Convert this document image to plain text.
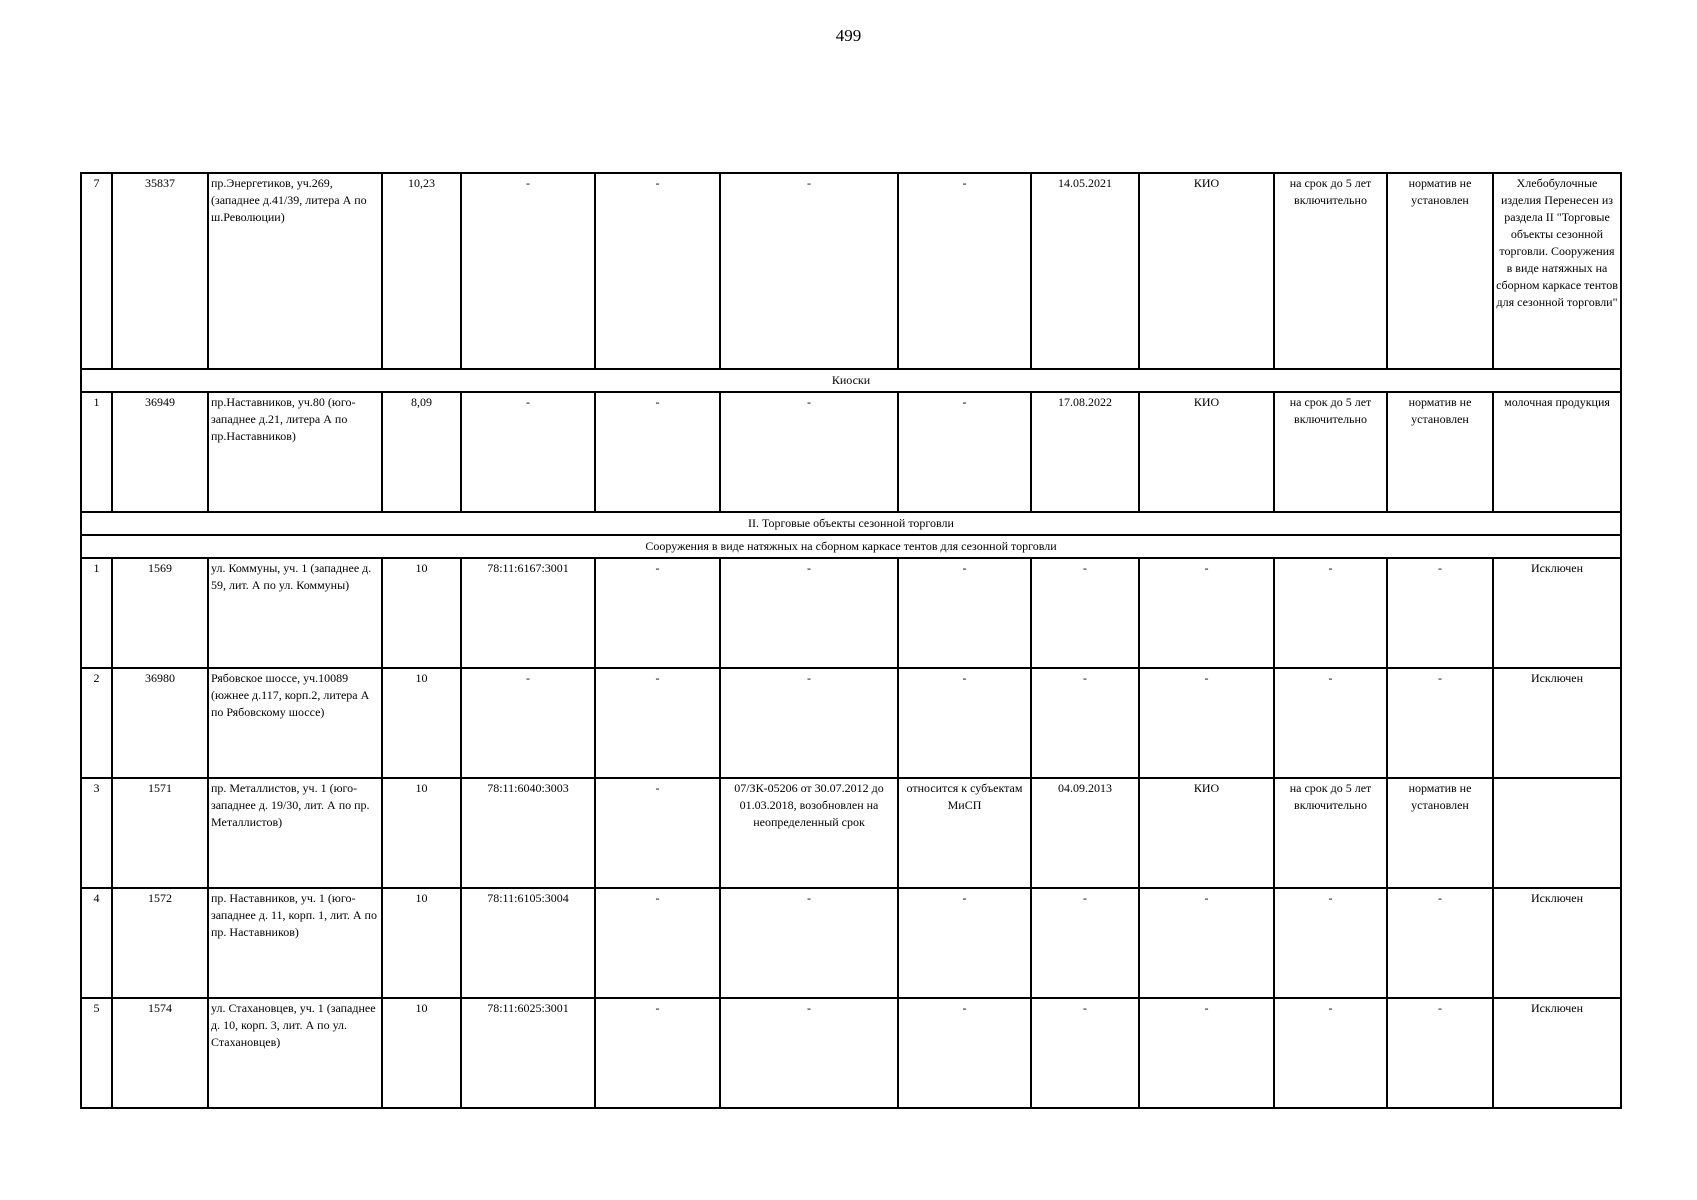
499
7	35837	пр.Энергетиков, уч.269, (западнее д.41/39, литера А по ш.Революции)	10,23	-	-	-	-	14.05.2021	КИО	на срок до 5 лет включительно	норматив не установлен	Хлебобулочные изделия Перенесен из раздела II "Торговые объекты сезонной торговли. Сооружения в виде натяжных на сборном каркасе тентов для сезонной торговли"
Киоски												
1	36949	пр.Наставников, уч.80 (юго-западнее д.21, литера А по пр.Наставников)	8,09	-	-	-	-	17.08.2022	КИО	на срок до 5 лет включительно	норматив не установлен	молочная продукция
II. Торговые объекты сезонной торговли												
Сооружения в виде натяжных на сборном каркасе тентов для сезонной торговли												
1	1569	ул. Коммуны, уч. 1 (западнее д. 59, лит. А по ул. Коммуны)	10	78:11:6167:3001	-	-	-	-	-	-	-	Исключен
2	36980	Рябовское шоссе, уч.10089 (южнее д.117, корп.2, литера А по Рябовскому шоссе)	10	-	-	-	-	-	-	-	-	Исключен
3	1571	пр. Металлистов, уч. 1 (юго-западнее д. 19/30, лит. А по пр. Металлистов)	10	78:11:6040:3003	-	07/ЗК-05206 от 30.07.2012 до 01.03.2018, возобновлен на неопределенный срок	относится к субъектам МиСП	04.09.2013	КИО	на срок до 5 лет включительно	норматив не установлен	
4	1572	пр. Наставников, уч. 1 (юго-западнее д. 11, корп. 1, лит. А по пр. Наставников)	10	78:11:6105:3004	-	-	-	-	-	-	-	Исключен
5	1574	ул. Стахановцев, уч. 1 (западнее д. 10, корп. 3, лит. А по ул. Стахановцев)	10	78:11:6025:3001	-	-	-	-	-	-	-	Исключен
